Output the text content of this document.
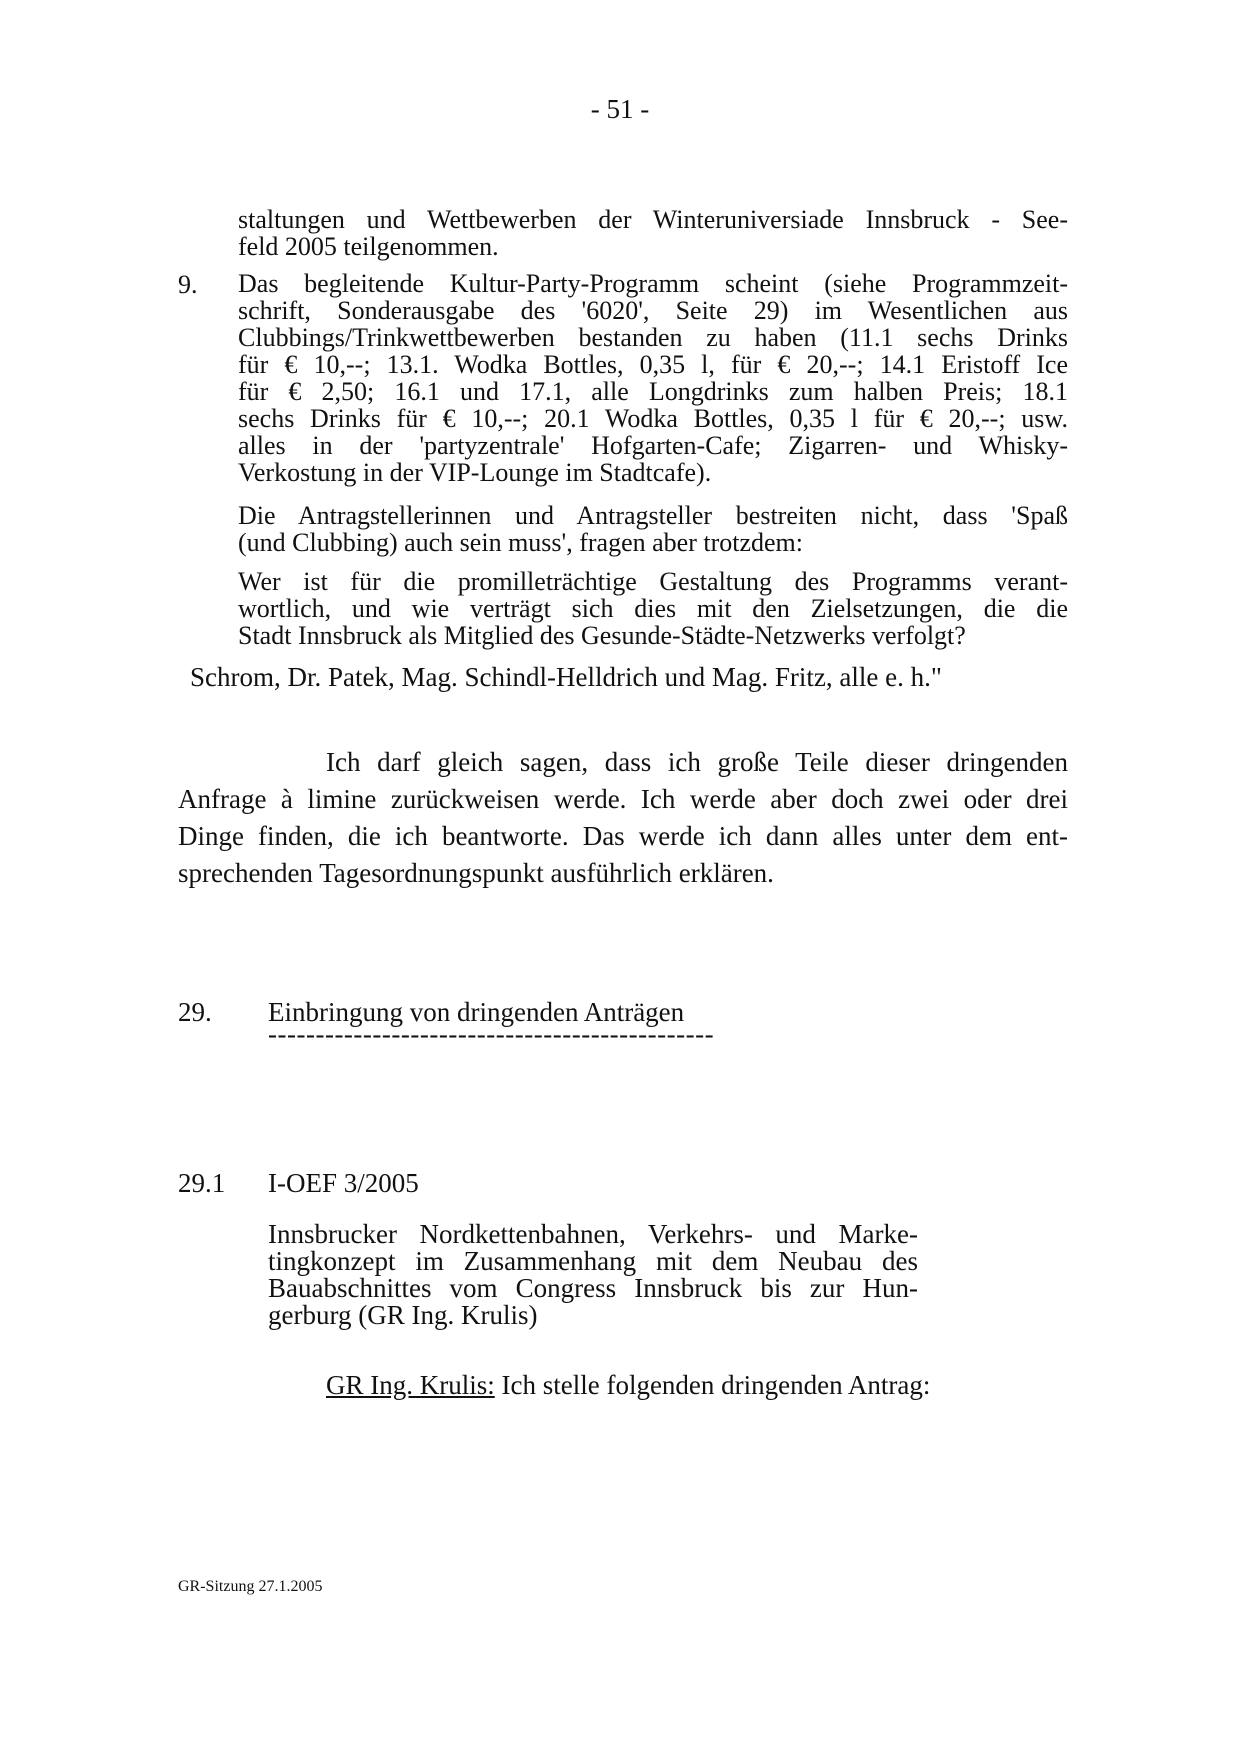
- 51 -
staltungen und Wettbewerben der Winteruniversiade Innsbruck - See-
feld 2005 teilgenommen.
9. Das begleitende Kultur-Party-Programm scheint (siehe Programmzeit-
schrift, Sonderausgabe des '6020', Seite 29) im Wesentlichen aus
Clubbings/Trinkwettbewerben bestanden zu haben (11.1 sechs Drinks
für € 10,--; 13.1. Wodka Bottles, 0,35 l, für € 20,--; 14.1 Eristoff Ice
für € 2,50; 16.1 und 17.1, alle Longdrinks zum halben Preis; 18.1
sechs Drinks für € 10,--; 20.1 Wodka Bottles, 0,35 l für € 20,--; usw.
alles in der 'partyzentrale' Hofgarten-Cafe; Zigarren- und Whisky-
Verkostung in der VIP-Lounge im Stadtcafe).
Die Antragstellerinnen und Antragsteller bestreiten nicht, dass 'Spaß
(und Clubbing) auch sein muss', fragen aber trotzdem:
Wer ist für die promilleträchtige Gestaltung des Programms verant-
wortlich, und wie verträgt sich dies mit den Zielsetzungen, die die
Stadt Innsbruck als Mitglied des Gesunde-Städte-Netzwerks verfolgt?
Schrom, Dr. Patek, Mag. Schindl-Helldrich und Mag. Fritz, alle e. h."
Ich darf gleich sagen, dass ich große Teile dieser dringenden
Anfrage à limine zurückweisen werde. Ich werde aber doch zwei oder drei
Dinge finden, die ich beantworte. Das werde ich dann alles unter dem ent-
sprechenden Tagesordnungspunkt ausführlich erklären.
29. Einbringung von dringenden Anträgen
-----------------------------------------------
29.1 I-OEF 3/2005
Innsbrucker Nordkettenbahnen, Verkehrs- und Marke-
tingkonzept im Zusammenhang mit dem Neubau des
Bauabschnittes vom Congress Innsbruck bis zur Hun-
gerburg (GR Ing. Krulis)
GR Ing. Krulis: Ich stelle folgenden dringenden Antrag:
GR-Sitzung 27.1.2005
